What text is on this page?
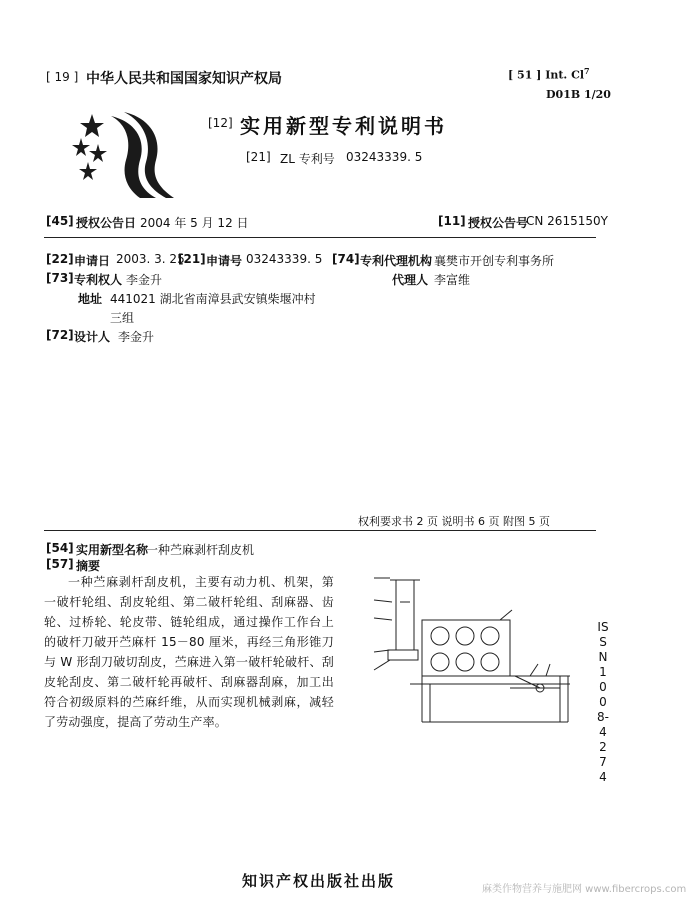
[ 19 ] 中华人民共和国国家知识产权局	[ 51 ] Int. Cl$^7$
D01B 1/20
[12] 实用新型专利说明书
[21] ZL 专利号 03243339. 5
[45] 授权公告日 2004 年 5 月 12 日	[11] 授权公告号
CN 2615150Y
[22] 申请日 2003. 3. 25
[21] 申请号 03243339. 5
[73] 专利权人 李金升
地址 441021 湖北省南漳县武安镇柴堰冲村
三组
[72] 设计人 李金升
[74] 专利代理机构 襄樊市开创专利事务所
代理人 李富维
权利要求书 2 页 说明书 6 页 附图 5 页
[54] 实用新型名称
一种苎麻剥杆刮皮机
[57] 摘要
一种苎麻剥杆刮皮机，主要有动力机、机架，第一破杆轮组、刮皮轮组、第二破杆轮组、刮麻器、齿轮、过桥轮、轮皮带、链轮组成，通过操作工作台上的破杆刀破开苎麻杆 15－80 厘米，再经三角形锥刀与 W 形刮刀破切刮皮，苎麻进入第一破杆轮破杆、刮皮轮刮皮、第二破杆轮再破杆、刮麻器刮麻，加工出符合初级原料的苎麻纤维，从而实现机械剥麻，减轻了劳动强度，提高了劳动生产率。
ISSN1008-4274
知识产权出版社出版	麻类作物营养与施肥网 www.fibercrops.com
